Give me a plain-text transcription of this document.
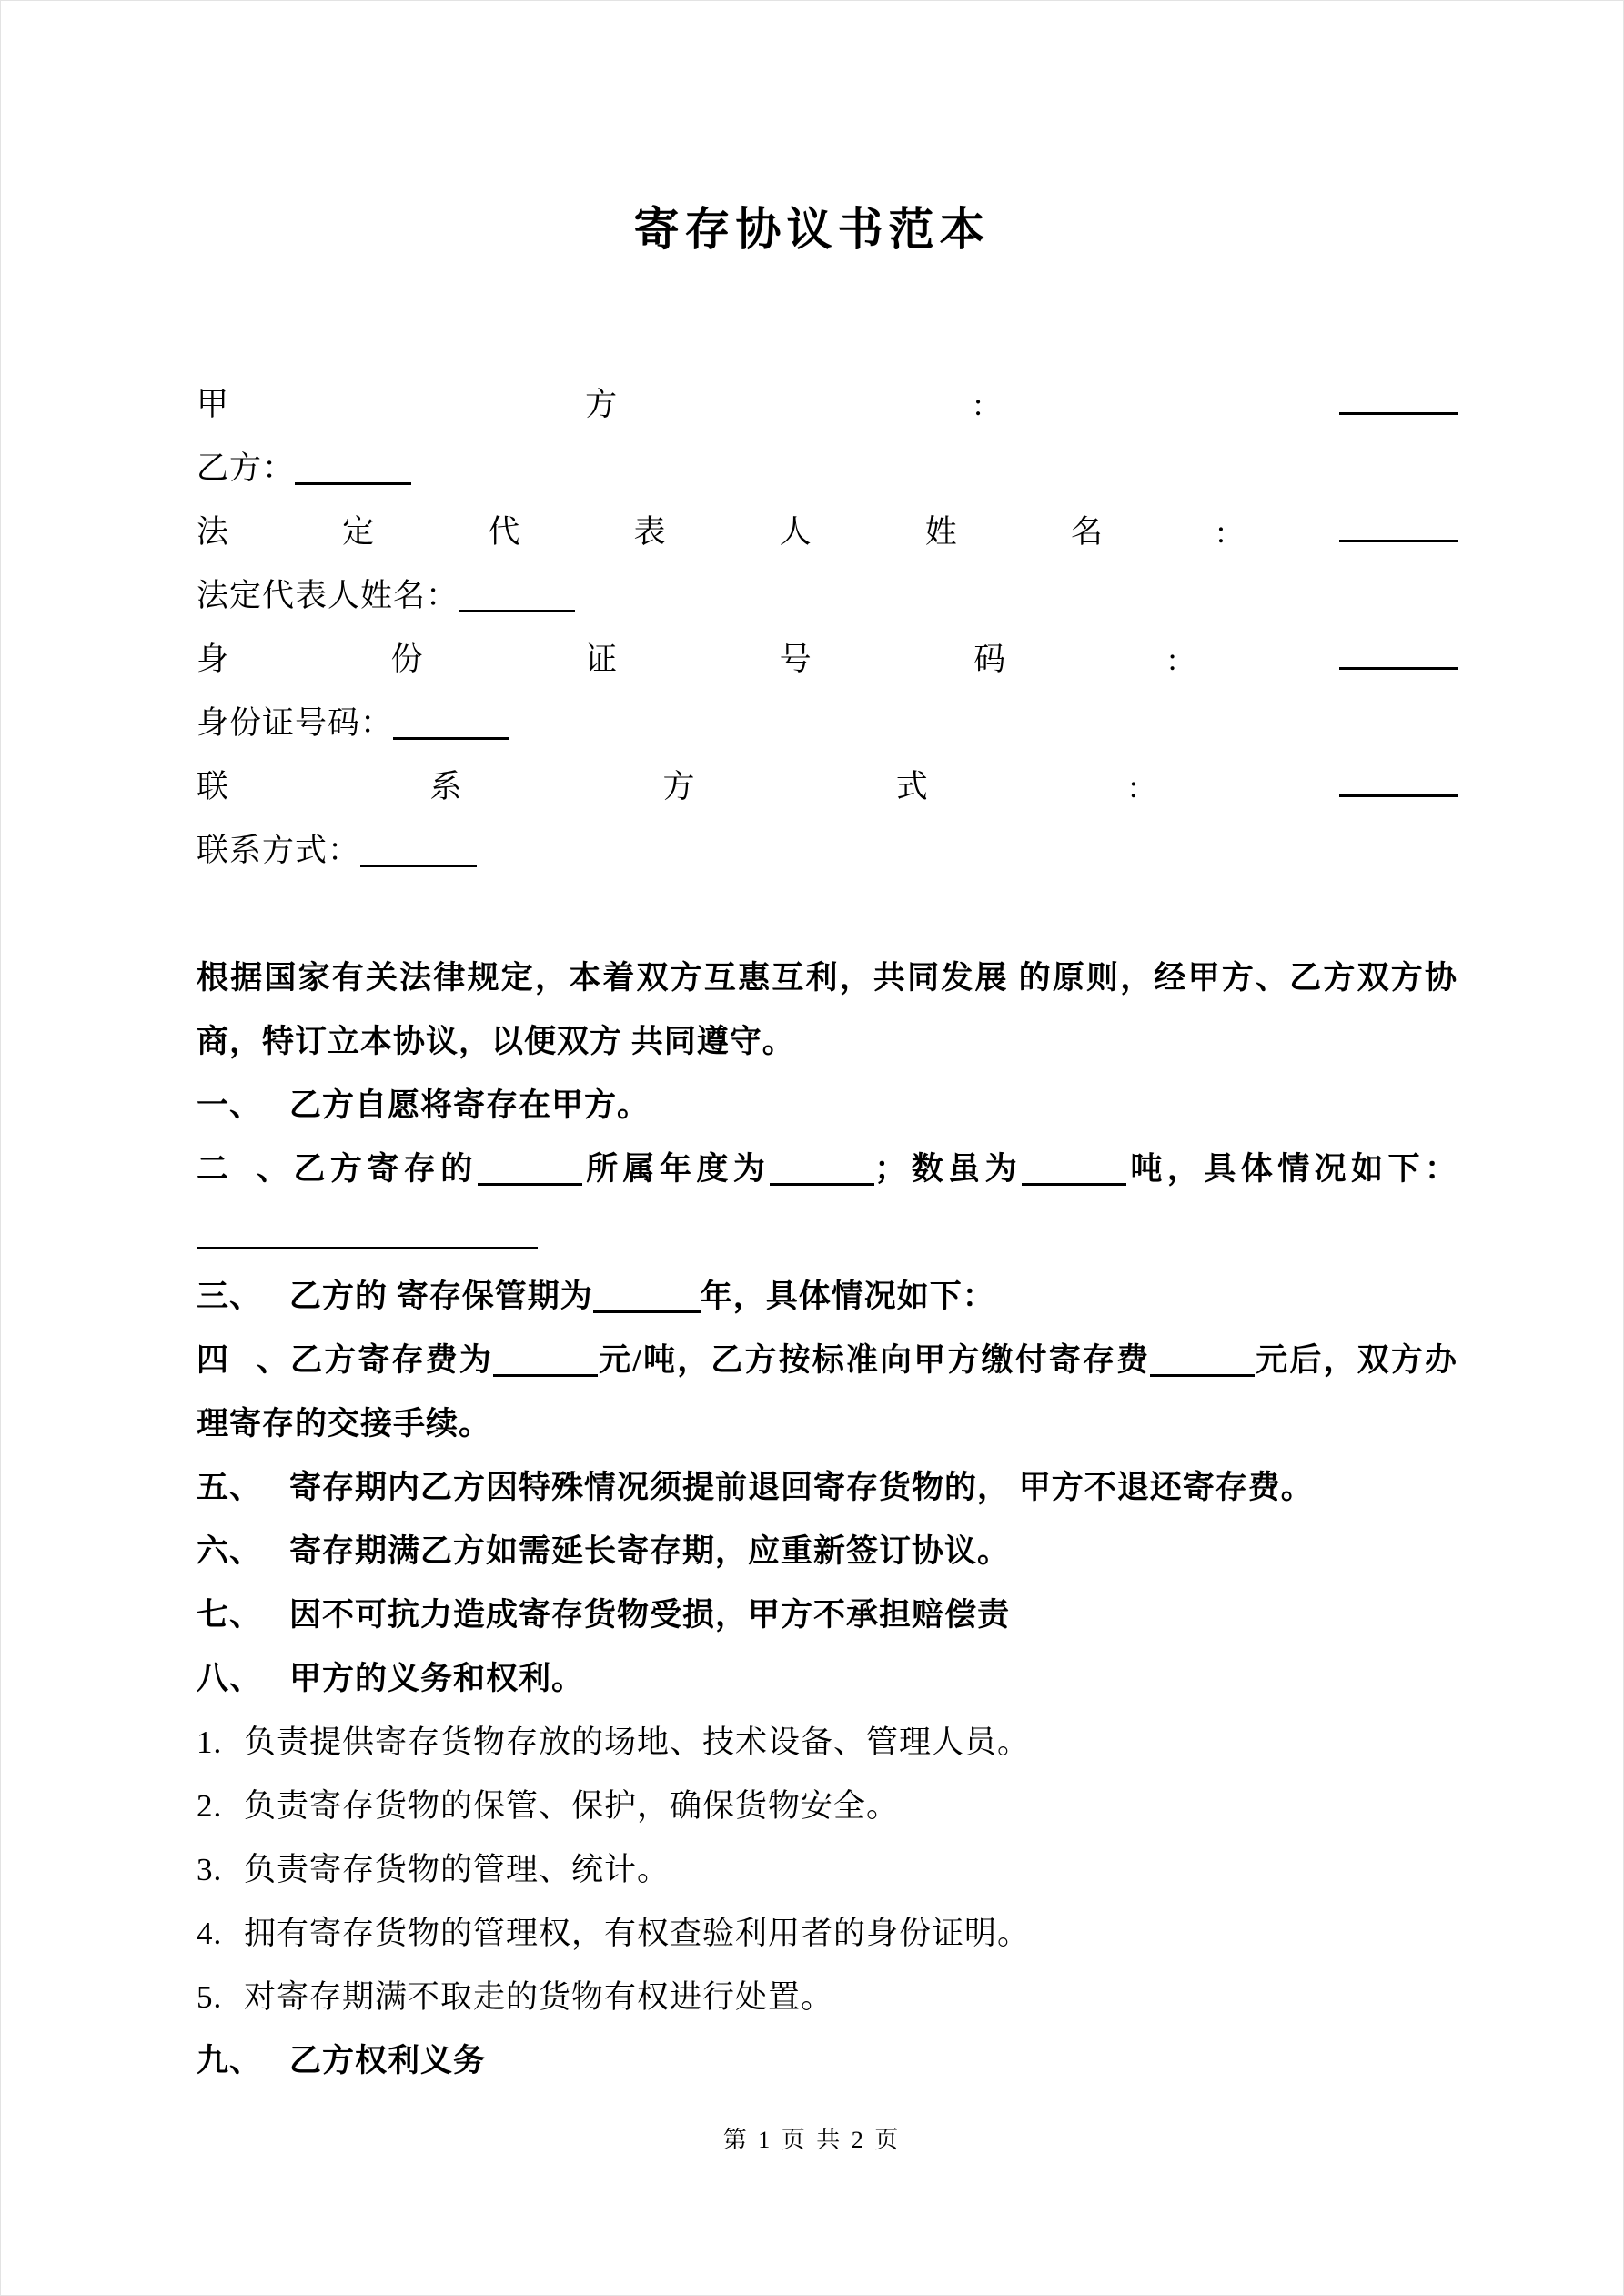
寄存协议书范本
甲	方	:
乙方：
法	定	代	表	人	姓	名	:
法定代表人姓名：
身	份	证	号	码	:
身份证号码：
联	系	方	式	:
联系方式：
根据国家有关法律规定，本着双方互惠互利，共同发展 的原则，经甲方、乙方双方协
商，特订立本协议，以便双方 共同遵守。
一、 乙方自愿将寄存在甲方。
二、乙方寄存的	所属年度为	；数虽为	吨，具体情况如下：
三、 乙方的 寄存保管期为	年，具体情况如下：
四、乙方寄存费为	元/吨，乙方按标准向甲方缴付寄存费	元后，双方办
理寄存的交接手续。
五、 寄存期内乙方因特殊情况须提前退回寄存货物的， 甲方不退还寄存费。
六、 寄存期满乙方如需延长寄存期，应重新签订协议。
七、 因不可抗力造成寄存货物受损，甲方不承担赔偿责
八、 甲方的义务和权利。
1. 负责提供寄存货物存放的场地、技术设备、管理人员。
2. 负责寄存货物的保管、保护，确保货物安全。
3. 负责寄存货物的管理、统计。
4. 拥有寄存货物的管理权，有权查验利用者的身份证明。
5. 对寄存期满不取走的货物有权进行处置。
九、 乙方权利义务
第 1 页 共 2 页
